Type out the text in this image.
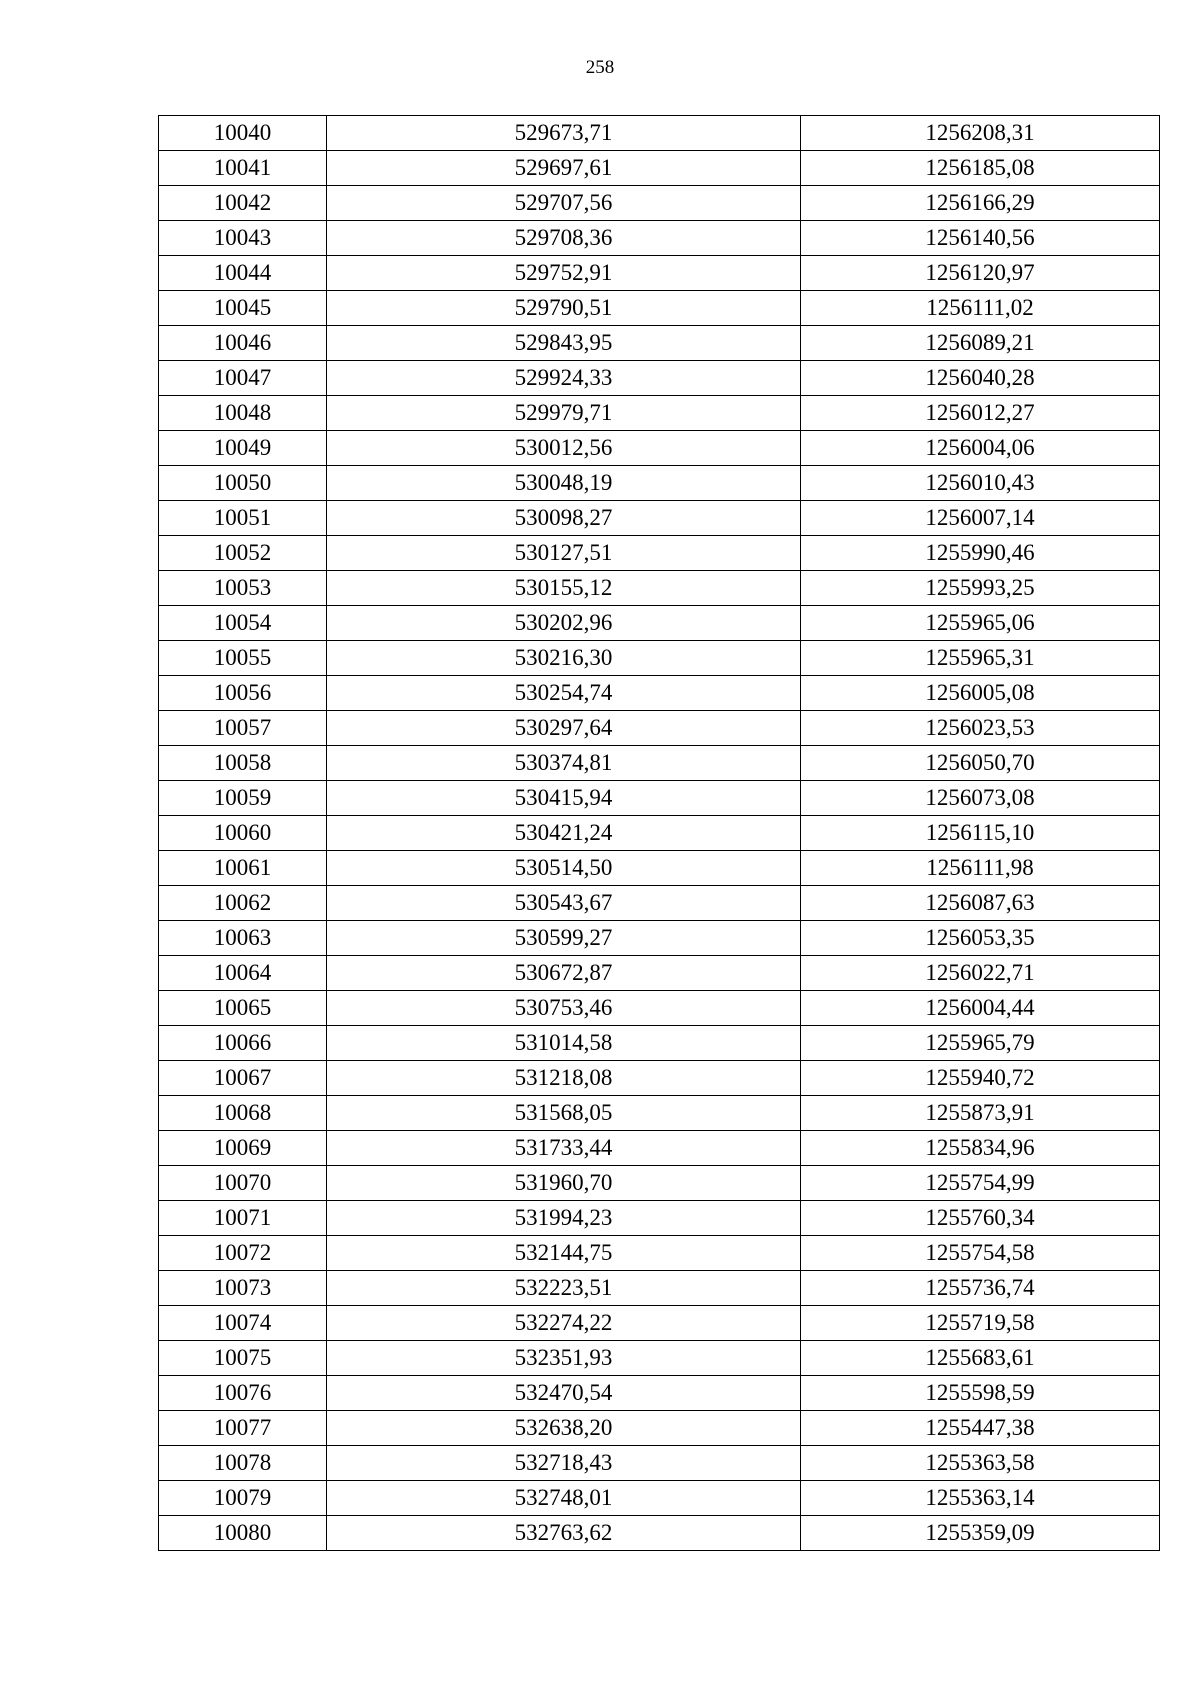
258
10040	529673,71	1256208,31
10041	529697,61	1256185,08
10042	529707,56	1256166,29
10043	529708,36	1256140,56
10044	529752,91	1256120,97
10045	529790,51	1256111,02
10046	529843,95	1256089,21
10047	529924,33	1256040,28
10048	529979,71	1256012,27
10049	530012,56	1256004,06
10050	530048,19	1256010,43
10051	530098,27	1256007,14
10052	530127,51	1255990,46
10053	530155,12	1255993,25
10054	530202,96	1255965,06
10055	530216,30	1255965,31
10056	530254,74	1256005,08
10057	530297,64	1256023,53
10058	530374,81	1256050,70
10059	530415,94	1256073,08
10060	530421,24	1256115,10
10061	530514,50	1256111,98
10062	530543,67	1256087,63
10063	530599,27	1256053,35
10064	530672,87	1256022,71
10065	530753,46	1256004,44
10066	531014,58	1255965,79
10067	531218,08	1255940,72
10068	531568,05	1255873,91
10069	531733,44	1255834,96
10070	531960,70	1255754,99
10071	531994,23	1255760,34
10072	532144,75	1255754,58
10073	532223,51	1255736,74
10074	532274,22	1255719,58
10075	532351,93	1255683,61
10076	532470,54	1255598,59
10077	532638,20	1255447,38
10078	532718,43	1255363,58
10079	532748,01	1255363,14
10080	532763,62	1255359,09
